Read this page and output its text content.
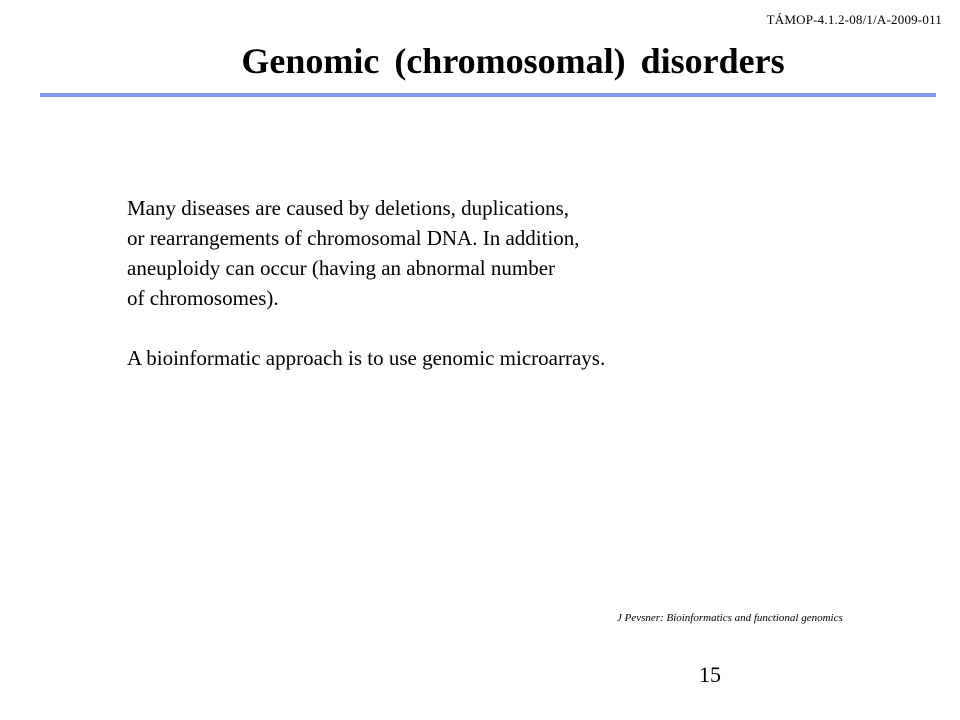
TÁMOP-4.1.2-08/1/A-2009-011
Genomic (chromosomal) disorders

Many diseases are caused by deletions, duplications,

or rearrangements of chromosomal DNA. In addition,

aneuploidy can occur (having an abnormal number

of chromosomes).

A bioinformatic approach is to use genomic microarrays.

J Pevsner: Bioinformatics and functional genomics
15
